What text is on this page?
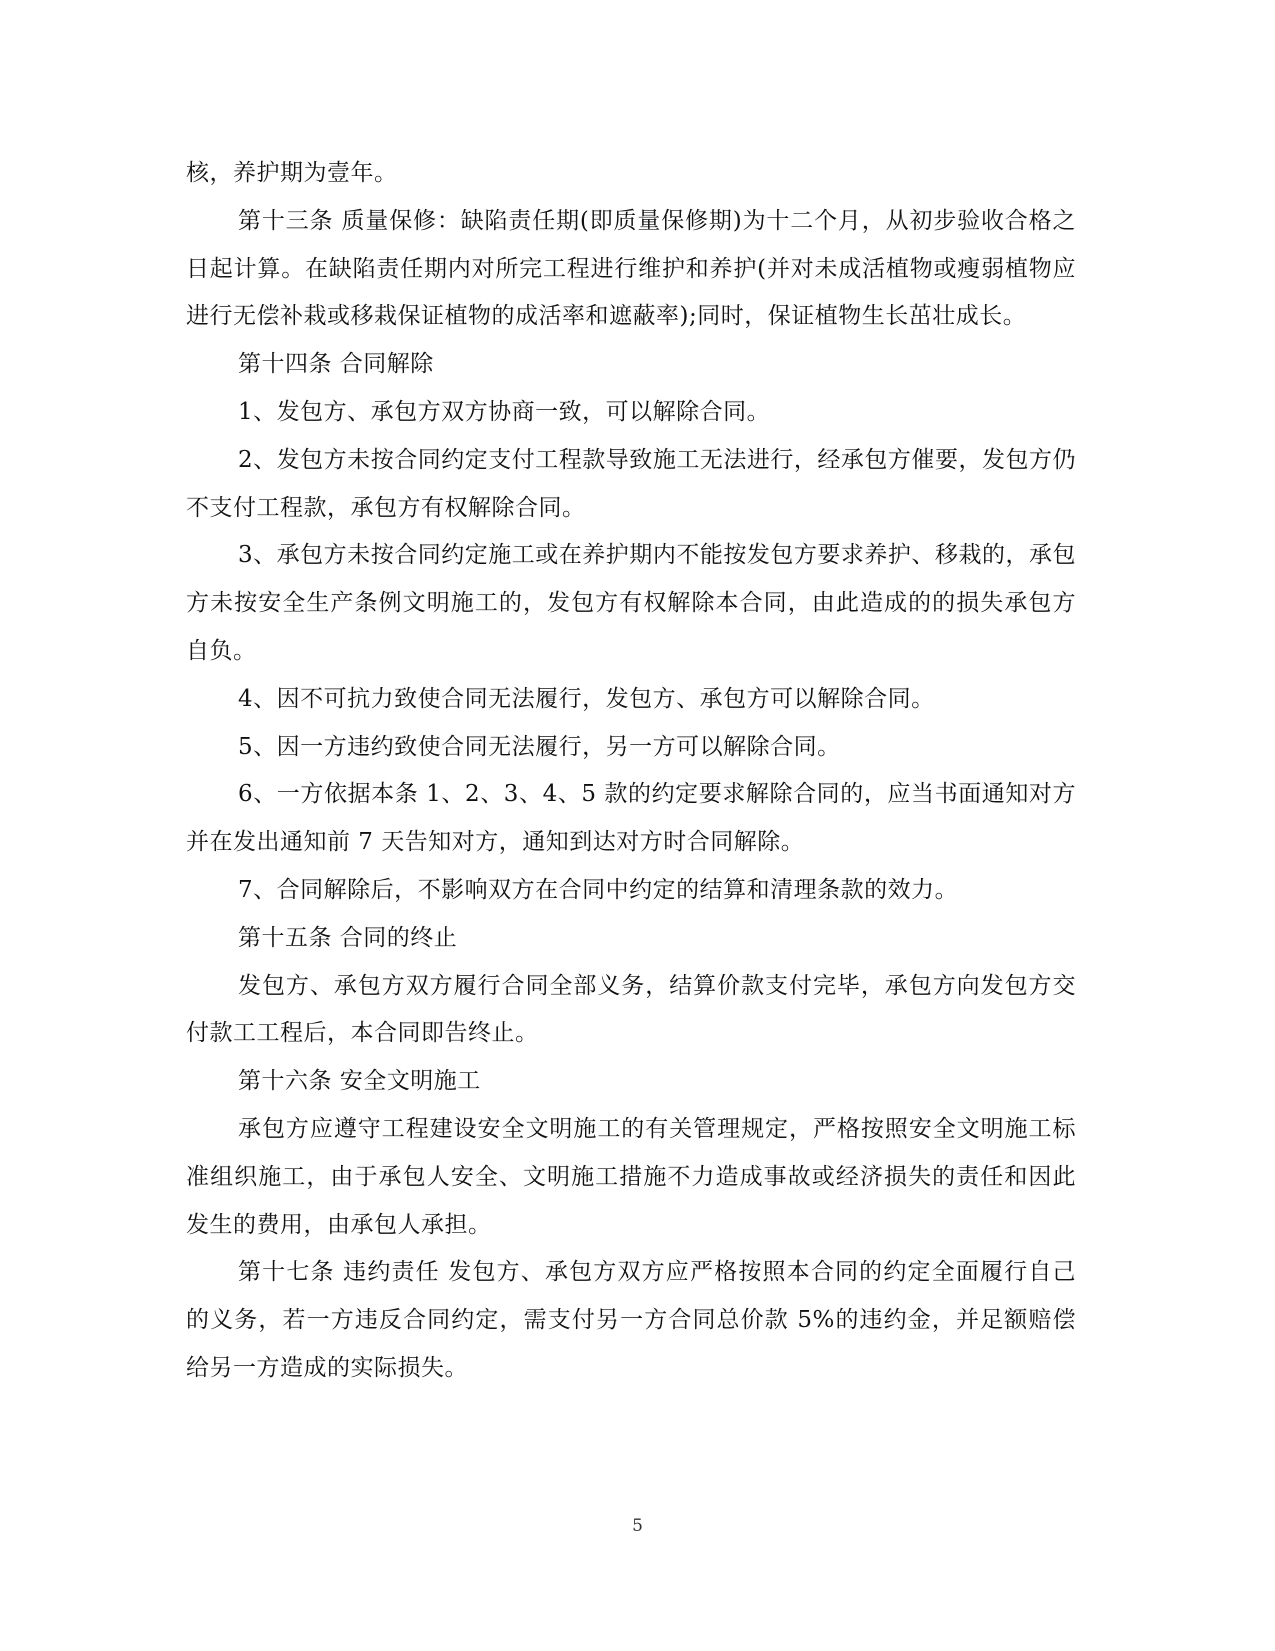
核，养护期为壹年。

第十三条 质量保修：缺陷责任期(即质量保修期)为十二个月，从初步验收合格之日起计算。在缺陷责任期内对所完工程进行维护和养护(并对未成活植物或瘦弱植物应进行无偿补栽或移栽保证植物的成活率和遮蔽率);同时，保证植物生长茁壮成长。

第十四条 合同解除

1、发包方、承包方双方协商一致，可以解除合同。

2、发包方未按合同约定支付工程款导致施工无法进行，经承包方催要，发包方仍不支付工程款，承包方有权解除合同。

3、承包方未按合同约定施工或在养护期内不能按发包方要求养护、移栽的，承包方未按安全生产条例文明施工的，发包方有权解除本合同，由此造成的的损失承包方自负。

4、因不可抗力致使合同无法履行，发包方、承包方可以解除合同。

5、因一方违约致使合同无法履行，另一方可以解除合同。

6、一方依据本条 1、2、3、4、5 款的约定要求解除合同的，应当书面通知对方并在发出通知前 7 天告知对方，通知到达对方时合同解除。

7、合同解除后，不影响双方在合同中约定的结算和清理条款的效力。

第十五条 合同的终止

发包方、承包方双方履行合同全部义务，结算价款支付完毕，承包方向发包方交付款工工程后，本合同即告终止。

第十六条 安全文明施工

承包方应遵守工程建设安全文明施工的有关管理规定，严格按照安全文明施工标准组织施工，由于承包人安全、文明施工措施不力造成事故或经济损失的责任和因此发生的费用，由承包人承担。

第十七条 违约责任 发包方、承包方双方应严格按照本合同的约定全面履行自己的义务，若一方违反合同约定，需支付另一方合同总价款 5%的违约金，并足额赔偿给另一方造成的实际损失。

5
